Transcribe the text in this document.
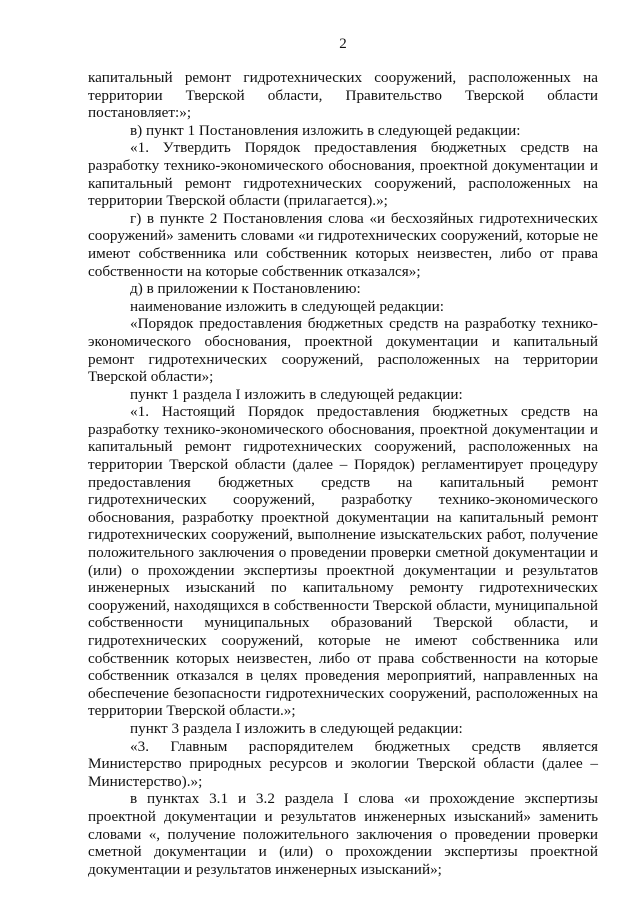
2

капитальный ремонт гидротехнических сооружений, расположенных на территории Тверской области, Правительство Тверской области постановляет:»;

в) пункт 1 Постановления изложить в следующей редакции:

«1. Утвердить Порядок предоставления бюджетных средств на разработку технико-экономического обоснования, проектной документации и капитальный ремонт гидротехнических сооружений, расположенных на территории Тверской области (прилагается).»;

г) в пункте 2 Постановления слова «и бесхозяйных гидротехнических сооружений» заменить словами «и гидротехнических сооружений, которые не имеют собственника или собственник которых неизвестен, либо от права собственности на которые собственник отказался»;

д) в приложении к Постановлению:

наименование изложить в следующей редакции:

«Порядок предоставления бюджетных средств на разработку технико-экономического обоснования, проектной документации и капитальный ремонт гидротехнических сооружений, расположенных на территории Тверской области»;

пункт 1 раздела I изложить в следующей редакции:

«1. Настоящий Порядок предоставления бюджетных средств на разработку технико-экономического обоснования, проектной документации и капитальный ремонт гидротехнических сооружений, расположенных на территории Тверской области (далее – Порядок) регламентирует процедуру предоставления бюджетных средств на капитальный ремонт гидротехнических сооружений, разработку технико-экономического обоснования, разработку проектной документации на капитальный ремонт гидротехнических сооружений, выполнение изыскательских работ, получение положительного заключения о проведении проверки сметной документации и (или) о прохождении экспертизы проектной документации и результатов инженерных изысканий по капитальному ремонту гидротехнических сооружений, находящихся в собственности Тверской области, муниципальной собственности муниципальных образований Тверской области, и гидротехнических сооружений, которые не имеют собственника или собственник которых неизвестен, либо от права собственности на которые собственник отказался в целях проведения мероприятий, направленных на обеспечение безопасности гидротехнических сооружений, расположенных на территории Тверской области.»;

пункт 3 раздела I изложить в следующей редакции:

«3. Главным распорядителем бюджетных средств является Министерство природных ресурсов и экологии Тверской области (далее – Министерство).»;

в пунктах 3.1 и 3.2 раздела I слова «и прохождение экспертизы проектной документации и результатов инженерных изысканий» заменить словами «, получение положительного заключения о проведении проверки сметной документации и (или) о прохождении экспертизы проектной документации и результатов инженерных изысканий»;
